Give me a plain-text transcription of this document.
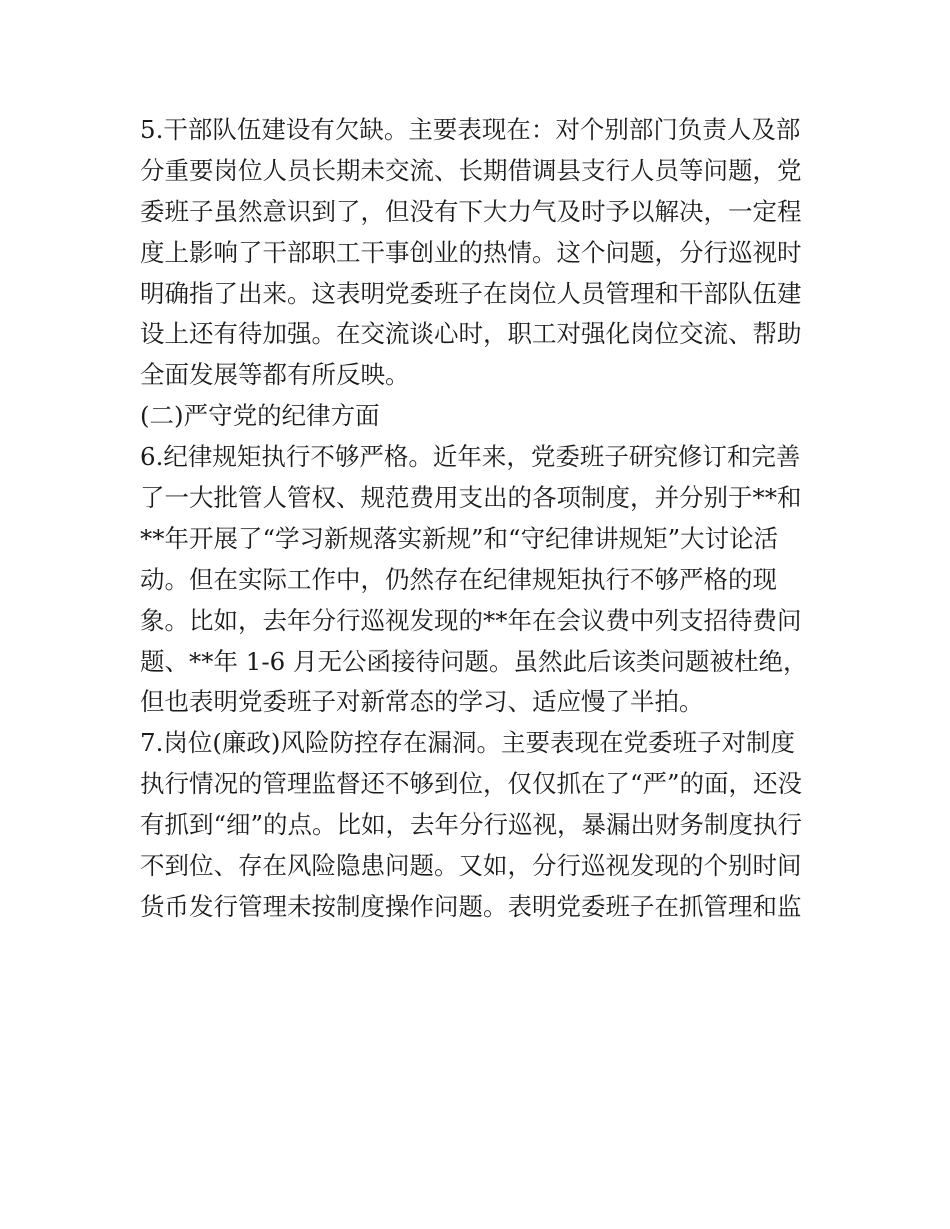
5.干部队伍建设有欠缺。主要表现在：对个别部门负责人及部
分重要岗位人员长期未交流、长期借调县支行人员等问题，党
委班子虽然意识到了，但没有下大力气及时予以解决，一定程
度上影响了干部职工干事创业的热情。这个问题，分行巡视时
明确指了出来。这表明党委班子在岗位人员管理和干部队伍建
设上还有待加强。在交流谈心时，职工对强化岗位交流、帮助
全面发展等都有所反映。
(二)严守党的纪律方面
6.纪律规矩执行不够严格。近年来，党委班子研究修订和完善
了一大批管人管权、规范费用支出的各项制度，并分别于**和
**年开展了“学习新规落实新规”和“守纪律讲规矩”大讨论活
动。但在实际工作中，仍然存在纪律规矩执行不够严格的现
象。比如，去年分行巡视发现的**年在会议费中列支招待费问
题、**年 1-6 月无公函接待问题。虽然此后该类问题被杜绝，
但也表明党委班子对新常态的学习、适应慢了半拍。
7.岗位(廉政)风险防控存在漏洞。主要表现在党委班子对制度
执行情况的管理监督还不够到位，仅仅抓在了“严”的面，还没
有抓到“细”的点。比如，去年分行巡视，暴漏出财务制度执行
不到位、存在风险隐患问题。又如，分行巡视发现的个别时间
货币发行管理未按制度操作问题。表明党委班子在抓管理和监
